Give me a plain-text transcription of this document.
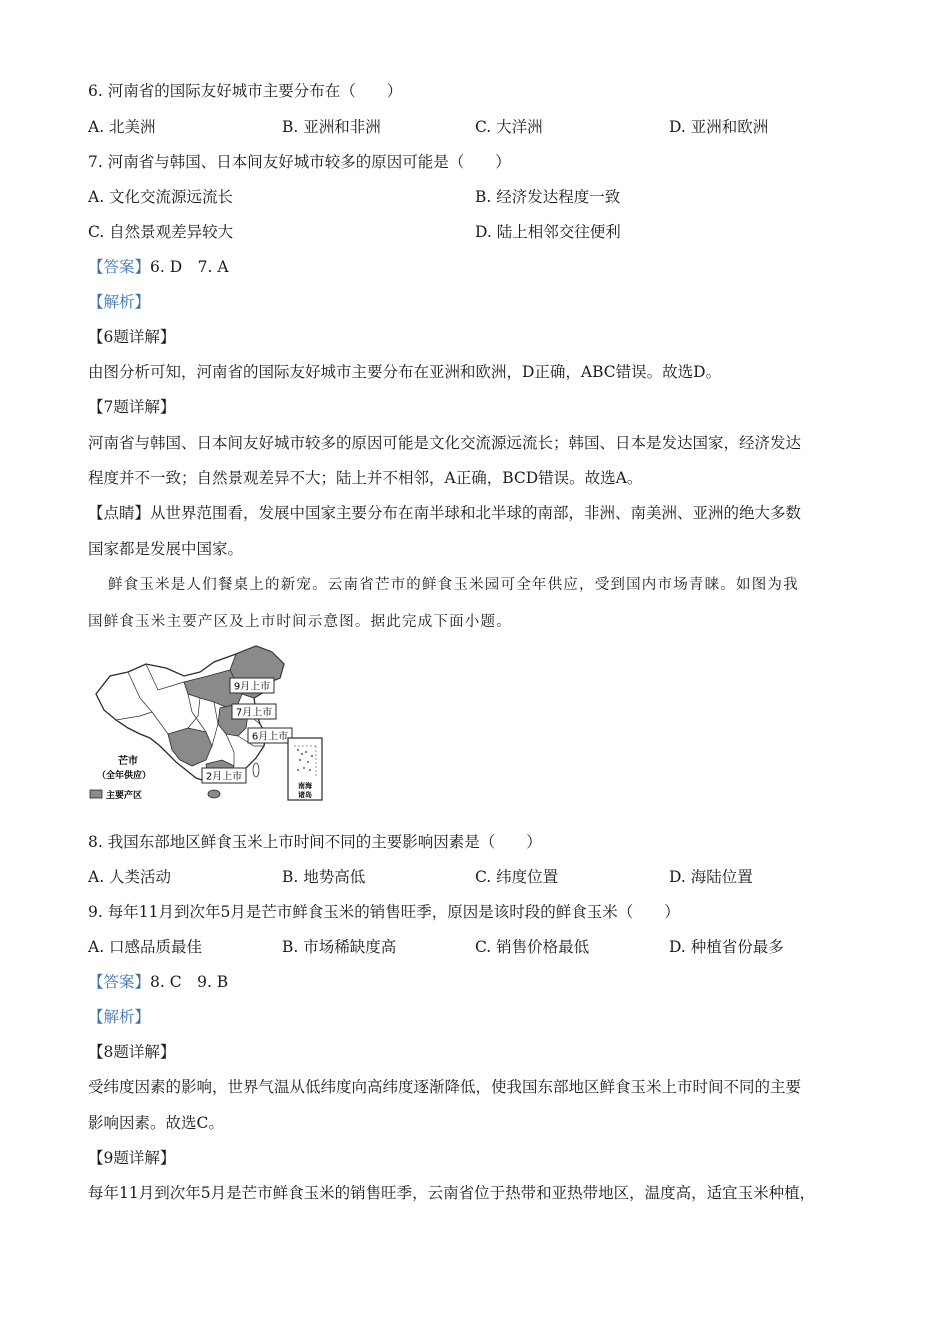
6. 河南省的国际友好城市主要分布在（　　）
A. 北美洲	B. 亚洲和非洲	C. 大洋洲	D. 亚洲和欧洲
7. 河南省与韩国、日本间友好城市较多的原因可能是（　　）
A. 文化交流源远流长	B. 经济发达程度一致
C. 自然景观差异较大	D. 陆上相邻交往便利
【答案】6. D　7. A
【解析】
【6题详解】
由图分析可知，河南省的国际友好城市主要分布在亚洲和欧洲，D正确，ABC错误。故选D。
【7题详解】
河南省与韩国、日本间友好城市较多的原因可能是文化交流源远流长；韩国、日本是发达国家，经济发达
程度并不一致；自然景观差异不大；陆上并不相邻，A正确，BCD错误。故选A。
【点睛】从世界范围看，发展中国家主要分布在南半球和北半球的南部，非洲、南美洲、亚洲的绝大多数
国家都是发展中国家。
鲜食玉米是人们餐桌上的新宠。云南省芒市的鲜食玉米园可全年供应，受到国内市场青睐。如图为我
国鲜食玉米主要产区及上市时间示意图。据此完成下面小题。
9月上市
7月上市
6月上市
2月上市
芒市
（全年供应）
主要产区
南海
诸岛
8. 我国东部地区鲜食玉米上市时间不同的主要影响因素是（　　）
A. 人类活动	B. 地势高低	C. 纬度位置	D. 海陆位置
9. 每年11月到次年5月是芒市鲜食玉米的销售旺季，原因是该时段的鲜食玉米（　　）
A. 口感品质最佳	B. 市场稀缺度高	C. 销售价格最低	D. 种植省份最多
【答案】8. C　9. B
【解析】
【8题详解】
受纬度因素的影响，世界气温从低纬度向高纬度逐渐降低，使我国东部地区鲜食玉米上市时间不同的主要
影响因素。故选C。
【9题详解】
每年11月到次年5月是芒市鲜食玉米的销售旺季，云南省位于热带和亚热带地区，温度高，适宜玉米种植，
